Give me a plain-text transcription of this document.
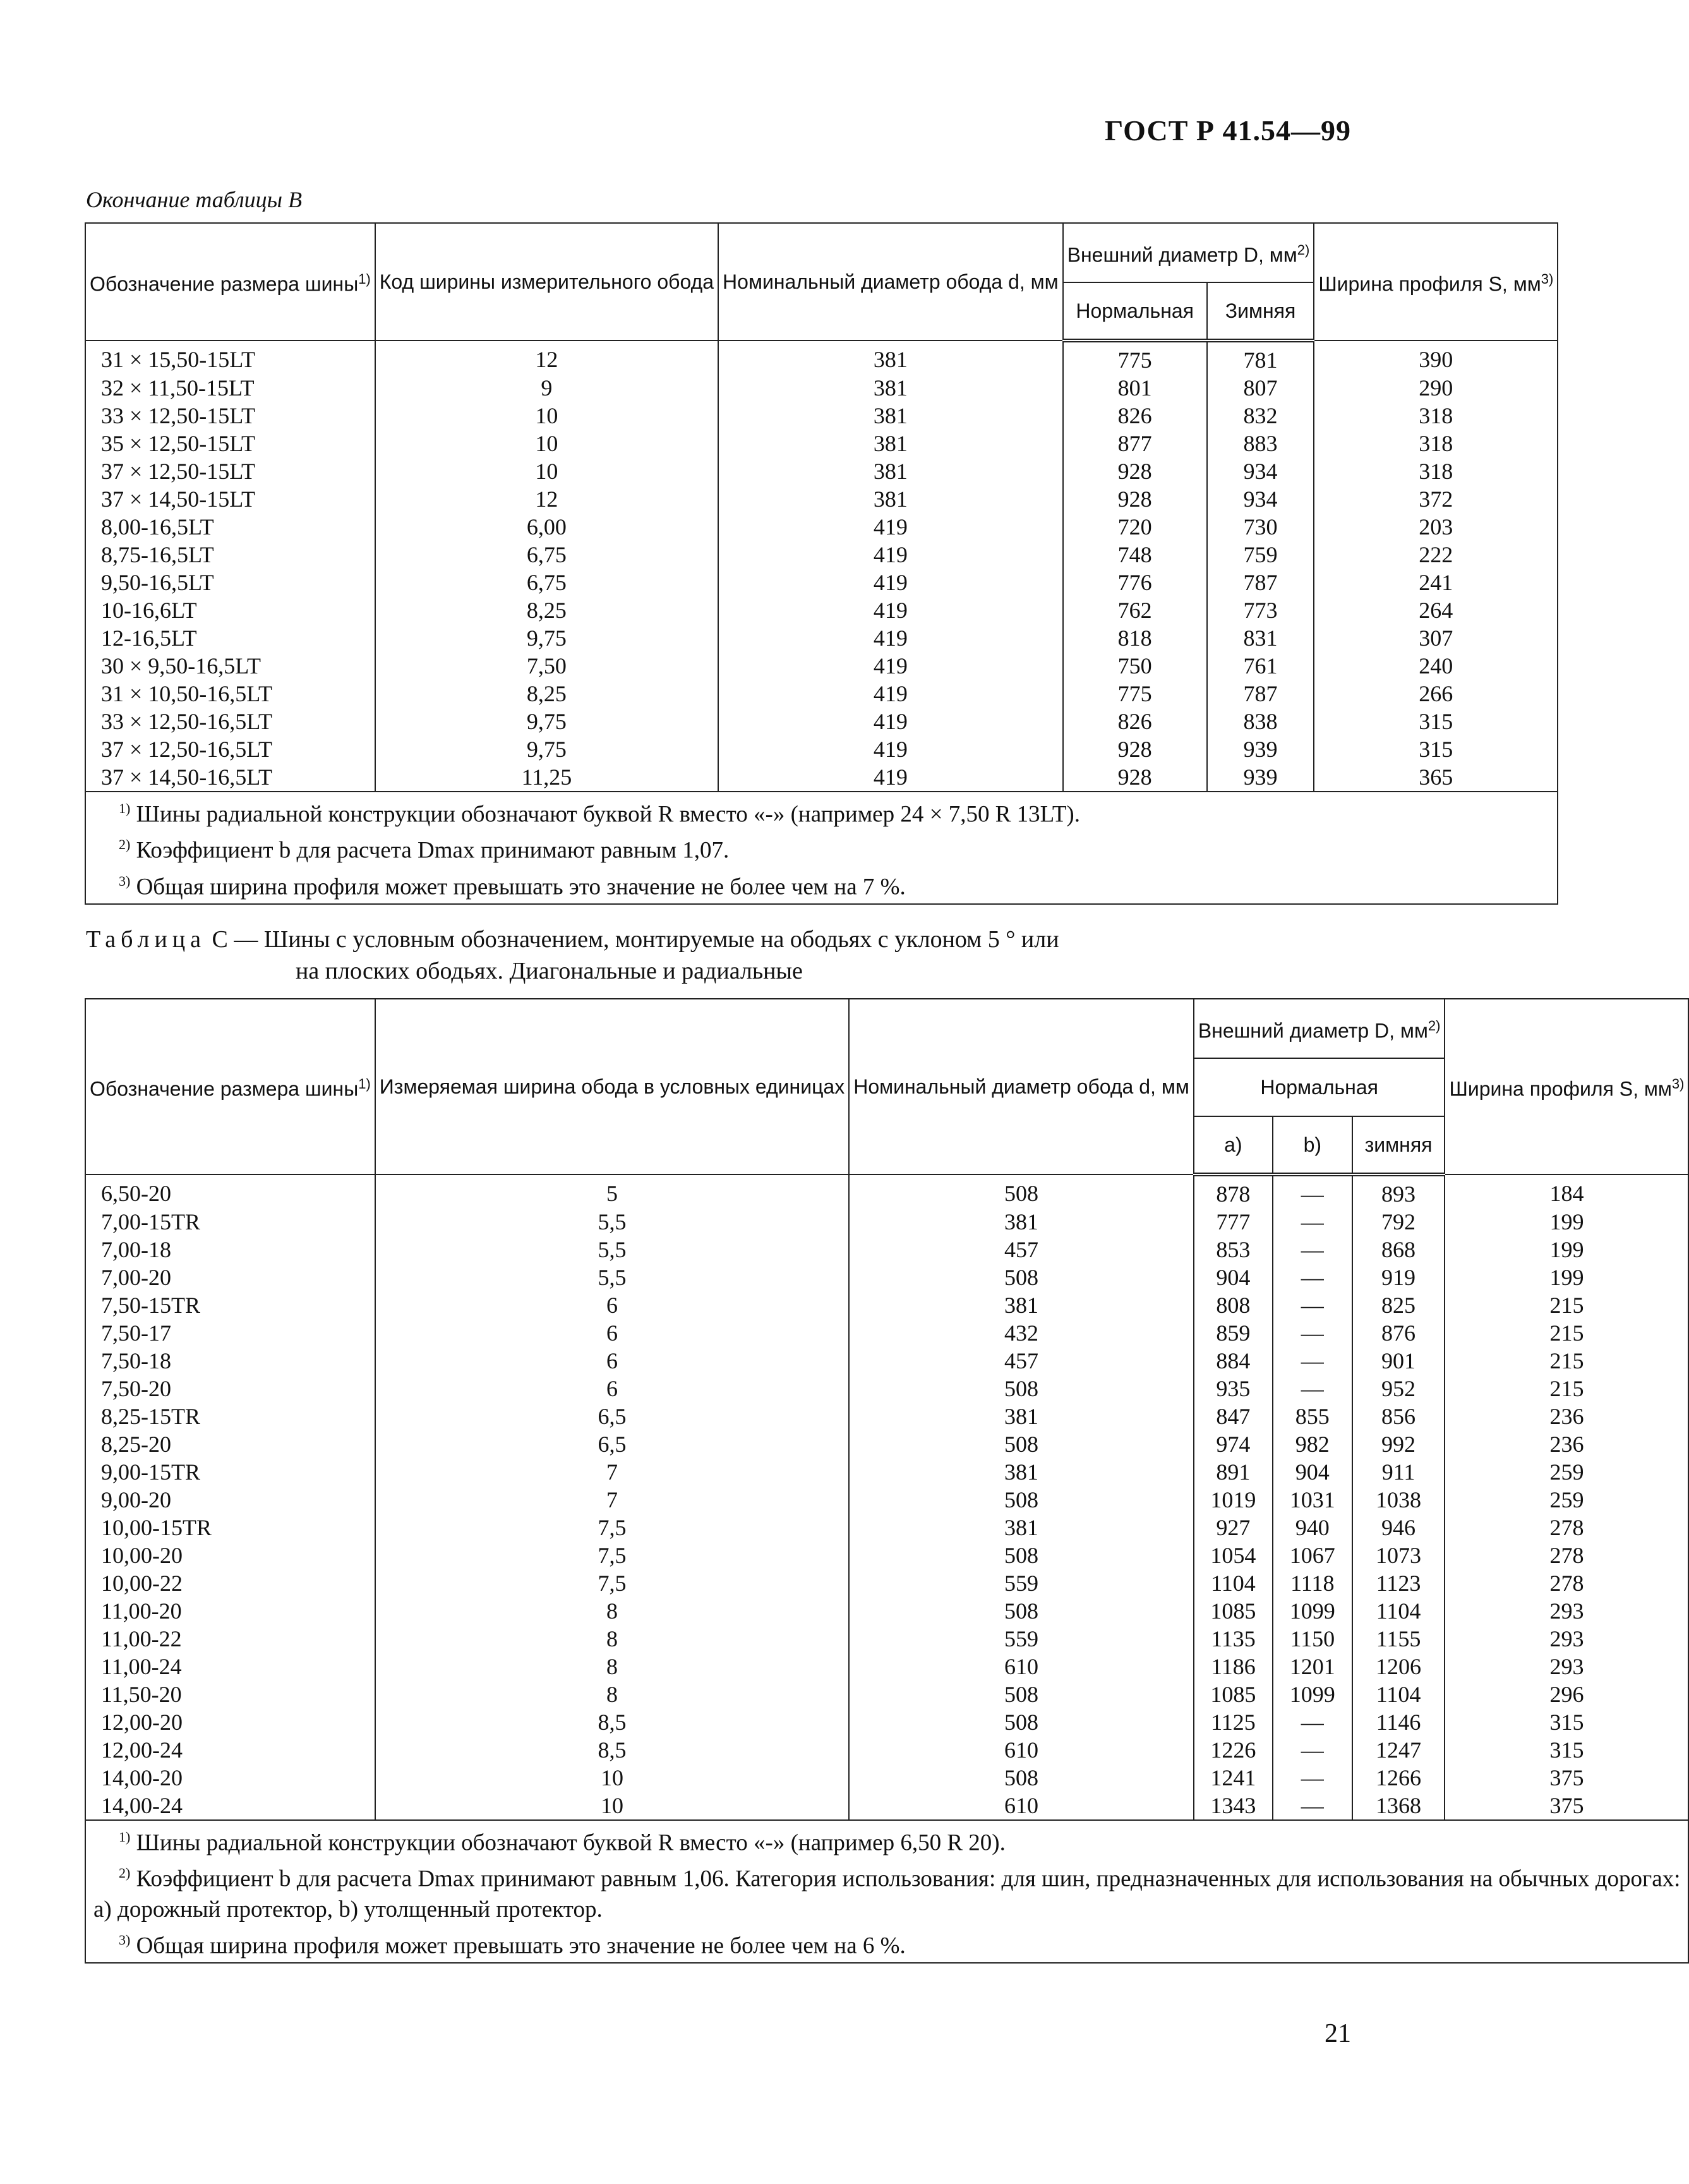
ГОСТ Р 41.54—99
Окончание таблицы В
Обозначение размера шины$^{1)}$	Код ширины измерительного обода	Номинальный диаметр обода d, мм	Внешний диаметр D, $мм^{2)}$		Ширина профиля S, $мм^{3)}$
			Нормальная	Зимняя	
31 × 15,50-15LT	12	381	775	781	390
32 × 11,50-15LT	9	381	801	807	290
33 × 12,50-15LT	10	381	826	832	318
35 × 12,50-15LT	10	381	877	883	318
37 × 12,50-15LT	10	381	928	934	318
37 × 14,50-15LT	12	381	928	934	372
8,00-16,5LT	6,00	419	720	730	203
8,75-16,5LT	6,75	419	748	759	222
9,50-16,5LT	6,75	419	776	787	241
10-16,6LT	8,25	419	762	773	264
12-16,5LT	9,75	419	818	831	307
30 × 9,50-16,5LT	7,50	419	750	761	240
31 × 10,50-16,5LT	8,25	419	775	787	266
33 × 12,50-16,5LT	9,75	419	826	838	315
37 × 12,50-16,5LT	9,75	419	928	939	315
37 × 14,50-16,5LT	11,25	419	928	939	365

$^{1)}$ Шины радиальной конструкции обозначают буквой R вместо «-» (например 24 × 7,50 R 13LT).

$^{2)}$ Коэффициент b для расчета Dmax принимают равным 1,07.

$^{3)}$ Общая ширина профиля может превышать это значение не более чем на 7 %.					

Таблица С — Шины с условным обозначением, монтируемые на ободьях с уклоном 5 ° или
на плоских ободьях. Диагональные и радиальные
Обозначение размера шины$^{1)}$	Измеряемая ширина обода в условных единицах	Номинальный диаметр обода d, мм	Внешний диаметр D, $мм^{2)}$			Ширина профиля S, $мм^{3)}$
			Нормальная			
			a)	b)	зимняя	
6,50-20	5	508	878	—	893	184
7,00-15TR	5,5	381	777	—	792	199
7,00-18	5,5	457	853	—	868	199
7,00-20	5,5	508	904	—	919	199
7,50-15TR	6	381	808	—	825	215
7,50-17	6	432	859	—	876	215
7,50-18	6	457	884	—	901	215
7,50-20	6	508	935	—	952	215
8,25-15TR	6,5	381	847	855	856	236
8,25-20	6,5	508	974	982	992	236
9,00-15TR	7	381	891	904	911	259
9,00-20	7	508	1019	1031	1038	259
10,00-15TR	7,5	381	927	940	946	278
10,00-20	7,5	508	1054	1067	1073	278
10,00-22	7,5	559	1104	1118	1123	278
11,00-20	8	508	1085	1099	1104	293
11,00-22	8	559	1135	1150	1155	293
11,00-24	8	610	1186	1201	1206	293
11,50-20	8	508	1085	1099	1104	296
12,00-20	8,5	508	1125	—	1146	315
12,00-24	8,5	610	1226	—	1247	315
14,00-20	10	508	1241	—	1266	375
14,00-24	10	610	1343	—	1368	375

$^{1)}$ Шины радиальной конструкции обозначают буквой R вместо «-» (например 6,50 R 20).

$^{2)}$ Коэффициент b для расчета Dmax принимают равным 1,06. Категория использования: для шин, предназначенных для использования на обычных дорогах: a) дорожный протектор, b) утолщенный протектор.

$^{3)}$ Общая ширина профиля может превышать это значение не более чем на 6 %.						

21
